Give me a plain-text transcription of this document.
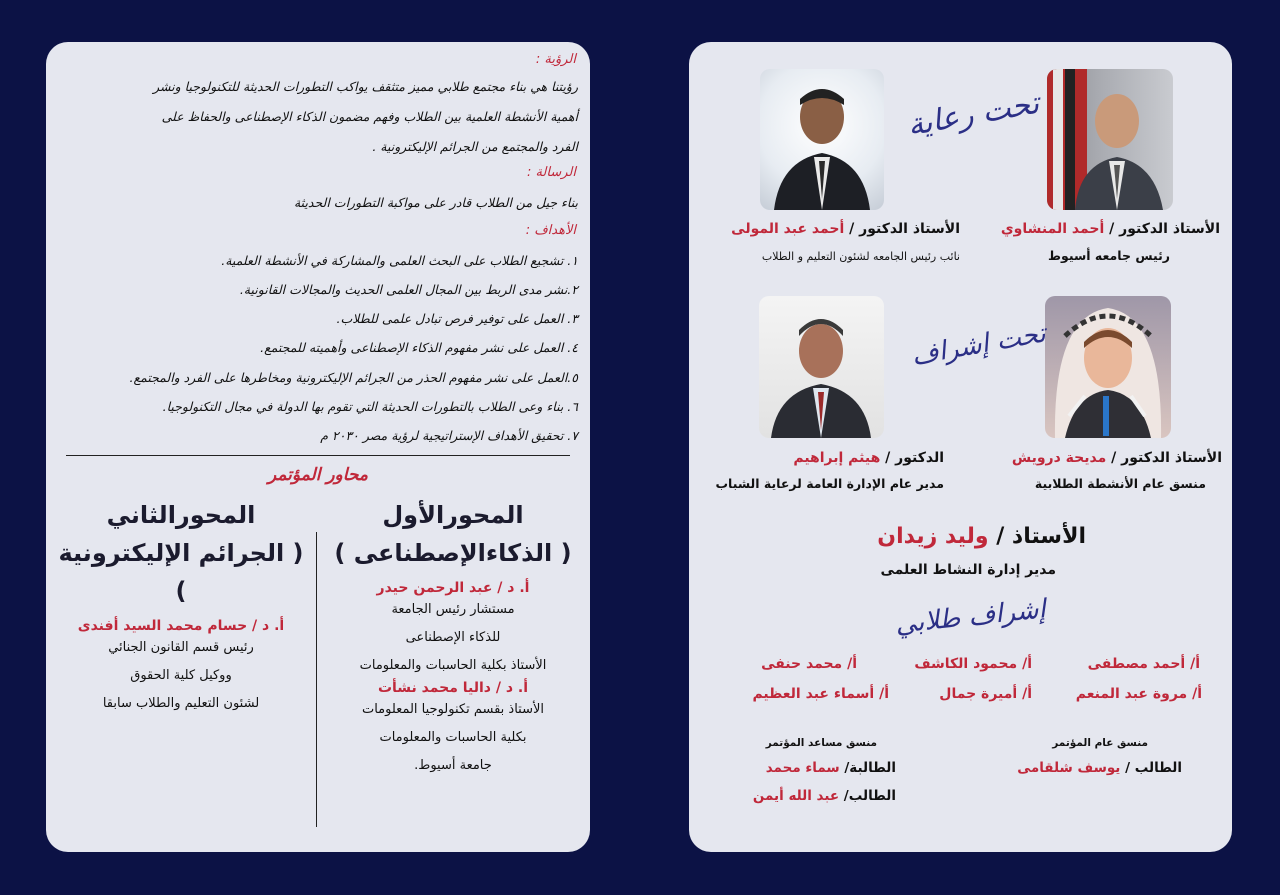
الرؤية :
رؤيتنا هي بناء مجتمع طلابي مميز متثقف يواكب التطورات الحديثة للتكنولوجيا ونشر
أهمية الأنشطة العلمية بين الطلاب وفهم مضمون الذكاء الإصطناعى والحفاظ على
الفرد والمجتمع من الجرائم الإليكترونية .
الرسالة :
بناء جيل من الطلاب قادر على مواكبة التطورات الحديثة
الأهداف :
١. تشجيع الطلاب على البحث العلمى والمشاركة في الأنشطة العلمية.
٢.نشر مدى الربط بين المجال العلمى الحديث والمجالات القانونية.
٣. العمل على توفير فرص تبادل علمى للطلاب.
٤. العمل على نشر مفهوم الذكاء الإصطناعى وأهميته للمجتمع.
٥.العمل على نشر مفهوم الحذر من الجرائم الإليكترونية ومخاطرها على الفرد والمجتمع.
٦. بناء وعى الطلاب بالتطورات الحديثة التي تقوم بها الدولة في مجال التكنولوجيا.
٧. تحقيق الأهداف الإستراتيجية لرؤية مصر ٢٠٣٠ م
محاور المؤتمر
المحورالأول
( الذكاءالإصطناعى )
أ. د / عبد الرحمن حيدر
مستشار رئيس الجامعة
للذكاء الإصطناعى
الأستاذ بكلية الحاسبات والمعلومات
أ. د / داليا محمد نشأت
الأستاذ بقسم تكنولوجيا المعلومات
بكلية الحاسبات والمعلومات
جامعة أسيوط.
المحورالثاني
( الجرائم الإليكترونية )
أ. د / حسام محمد السيد أفندى
رئيس قسم القانون الجنائي
ووكيل كلية الحقوق
لشئون التعليم والطلاب سابقا
تحت رعاية
الأستاذ الدكتور / أحمد المنشاوي
رئيس جامعه أسيوط
الأستاذ الدكتور / أحمد عبد المولى
نائب رئيس الجامعه لشئون التعليم و الطلاب
تحت إشراف
الأستاذ الدكتور / مديحة درويش
منسق عام الأنشطة الطلابية
الدكتور / هيثم إبراهيم
مدير عام الإدارة العامة لرعاية الشباب
الأستاذ / وليد زيدان
مدير إدارة النشاط العلمى
إشراف طلابي
أ/ أحمد مصطفى
أ/ محمود الكاشف
أ/ محمد حنفى
أ/ مروة عبد المنعم
أ/ أميرة جمال
أ/ أسماء عبد العظيم
منسق عام المؤتمر
الطالب / يوسف شلقامى
منسق مساعد المؤتمر
الطالبة/ سماء محمد
الطالب/ عبد الله أيمن
